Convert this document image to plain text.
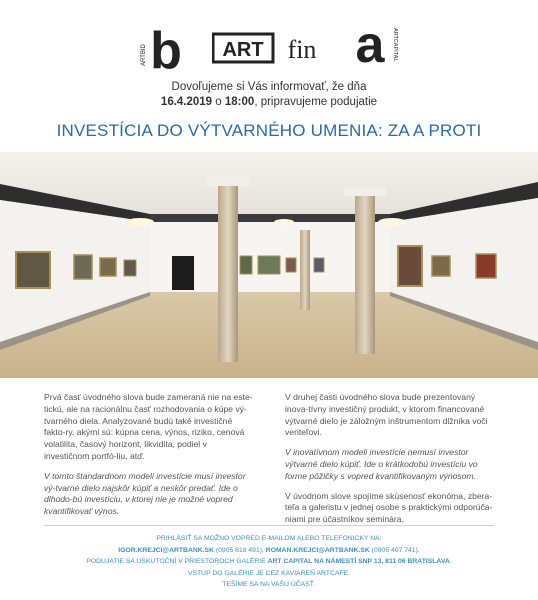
b
ARTBID	ART fin a ARTCAPITAL
Dovoľujeme si Vás informovať, že dňa
16.4.2019 o 18:00, pripravujeme podujatie
INVESTÍCIA DO VÝTVARNÉHO UMENIA: ZA A PROTI

Prvá časť úvodného slova bude zameraná nie na este-tickú, ale na racionálnu časť rozhodovania o kúpe vý-tvarného diela. Analyzované budú také investičné fakto-ry, akými sú: kúpna cena, výnos, riziko, cenová volatilita, časový horizont, likvidita, podiel v investičnom portfó-liu, atď.

V tomto štandardnom modeli investície musí investor vý-tvarné dielo najskôr kúpiť a neskôr predať. Ide o dlhodo-bú investíciu, v ktorej nie je možné vopred kvantifikovať výnos.

V druhej časti úvodného slova bude prezentovaný inova-tívny investičný produkt, v ktorom financované výtvarné dielo je záložným inštrumentom dlžníka voči veriteľovi.

V inovatívnom modeli investície nemusí investor výtvarné dielo kúpiť. Ide o krátkodobú investíciu vo forme pôžičky s vopred kvantifikovaným výnosom.

V úvodnom slove spojíme skúsenosť ekonóma, zbera-teľa a galeristu v jednej osobe s praktickými odporúča-niami pre účastníkov seminára.

PRIHLÁSIŤ SA MOŽNO VOPRED E-MAILOM ALEBO TELEFONICKY NA:
IGOR.KREJCI@ARTBANK.SK (0905 618 491), ROMAN.KREJCI@ARTBANK.SK (0905 407 741).
PODUJATIE SA USKUTOČNÍ V PRIESTOROCH GALÉRIE ART CAPITAL NA NÁMESTÍ SNP 13, 811 06 BRATISLAVA.
VSTUP DO GALÉRIE JE CEZ KAVIAREŇ ARTCAFE.
TEŠÍME SA NA VAŠU ÚČASŤ.
